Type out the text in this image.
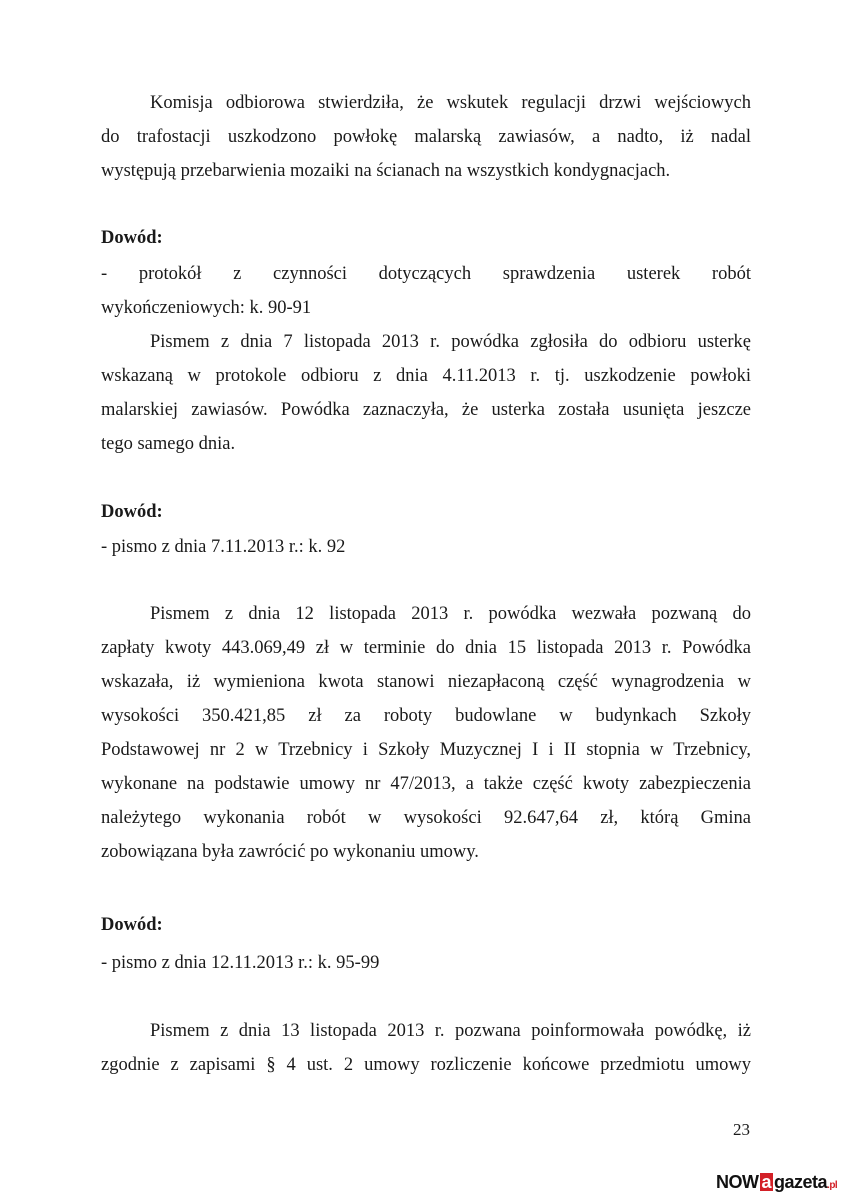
Komisja odbiorowa stwierdziła, że wskutek regulacji drzwi wejściowych
do trafostacji uszkodzono powłokę malarską zawiasów, a nadto, iż nadal
występują przebarwienia mozaiki na ścianach na wszystkich kondygnacjach.

Dowód:

-   protokół   z   czynności   dotyczących   sprawdzenia   usterek   robót
wykończeniowych: k. 90-91

Pismem z dnia 7 listopada 2013 r. powódka zgłosiła do odbioru usterkę
wskazaną w protokole odbioru z dnia 4.11.2013 r. tj. uszkodzenie powłoki
malarskiej zawiasów. Powódka zaznaczyła, że usterka została usunięta jeszcze
tego samego dnia.

Dowód:

- pismo z dnia 7.11.2013 r.: k. 92

Pismem z dnia 12 listopada 2013 r. powódka wezwała pozwaną do
zapłaty kwoty 443.069,49 zł w terminie do dnia 15 listopada 2013 r. Powódka
wskazała, iż wymieniona kwota stanowi niezapłaconą część wynagrodzenia w
wysokości 350.421,85 zł za roboty budowlane w budynkach Szkoły
Podstawowej nr 2 w Trzebnicy i Szkoły Muzycznej I i II stopnia w Trzebnicy,
wykonane na podstawie umowy nr 47/2013, a także część kwoty zabezpieczenia
należytego wykonania robót w wysokości 92.647,64 zł, którą Gmina
zobowiązana była zawrócić po wykonaniu umowy.

Dowód:

- pismo z dnia 12.11.2013 r.: k. 95-99

Pismem z dnia 13 listopada 2013 r. pozwana poinformowała powódkę, iż
zgodnie z zapisami § 4 ust. 2 umowy rozliczenie końcowe przedmiotu umowy

23
NOW a gazeta.pl
